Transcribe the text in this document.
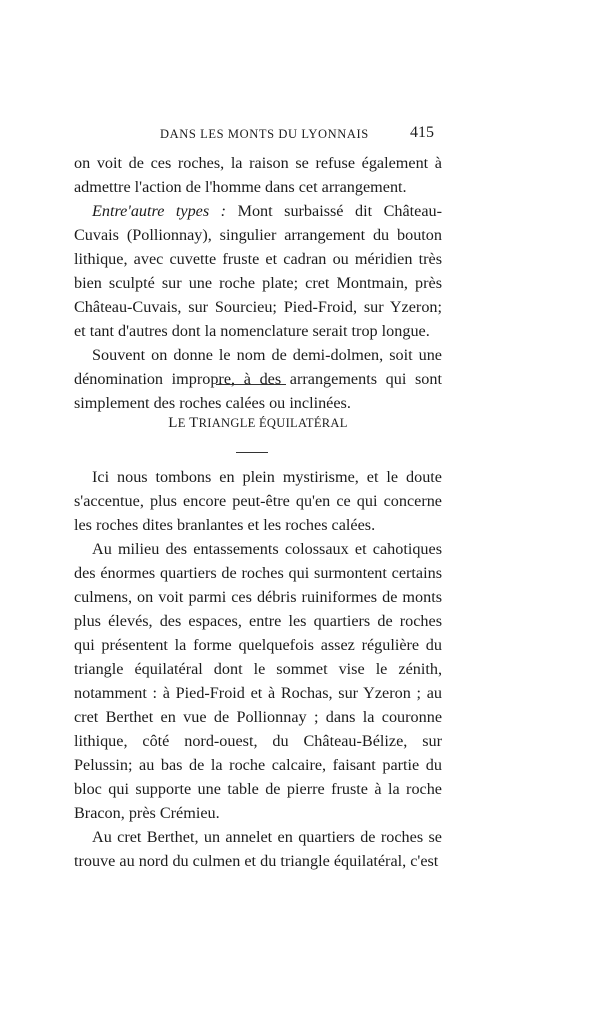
DANS LES MONTS DU LYONNAIS	415

on voit de ces roches, la raison se refuse également à admettre l'action de l'homme dans cet arrangement.

Entre'autre types : Mont surbaissé dit Château-Cuvais (Pollionnay), singulier arrangement du bouton lithique, avec cuvette fruste et cadran ou méridien très bien sculpté sur une roche plate; cret Montmain, près Château-Cuvais, sur Sourcieu; Pied-Froid, sur Yzeron; et tant d'autres dont la nomenclature serait trop longue.

Souvent on donne le nom de demi-dolmen, soit une dénomination impropre, à des arrangements qui sont simplement des roches calées ou inclinées.

LE TRIANGLE ÉQUILATÉRAL

Ici nous tombons en plein mystirisme, et le doute s'accentue, plus encore peut-être qu'en ce qui concerne les roches dites branlantes et les roches calées.

Au milieu des entassements colossaux et cahotiques des énormes quartiers de roches qui surmontent certains culmens, on voit parmi ces débris ruiniformes de monts plus élevés, des espaces, entre les quartiers de roches qui présentent la forme quelquefois assez régulière du triangle équilatéral dont le sommet vise le zénith, notamment : à Pied-Froid et à Rochas, sur Yzeron ; au cret Berthet en vue de Pollionnay ; dans la couronne lithique, côté nord-ouest, du Château-Bélize, sur Pelussin; au bas de la roche calcaire, faisant partie du bloc qui supporte une table de pierre fruste à la roche Bracon, près Crémieu.

Au cret Berthet, un annelet en quartiers de roches se trouve au nord du culmen et du triangle équilatéral, c'est
